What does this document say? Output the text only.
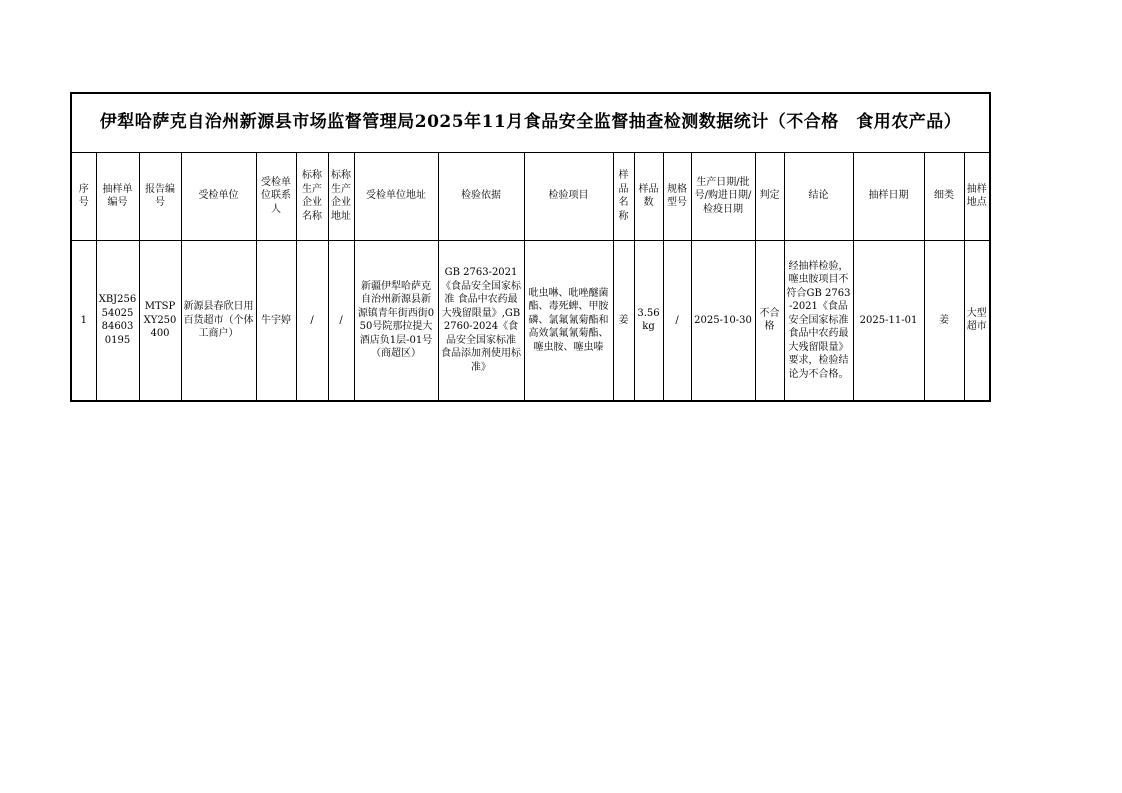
伊犁哈萨克自治州新源县市场监督管理局2025年11月食品安全监督抽查检测数据统计（不合格　食用农产品）																		
序号	抽样单编号	报告编号	受检单位	受检单位联系人	标称生产企业名称	标称生产企业地址	受检单位地址	检验依据	检验项目	样品名称	样品数	规格型号	生产日期/批号/购进日期/检疫日期	判定	结论	抽样日期	细类	抽样地点
1	XBJ25654025846030195	MTSPXY250400	新源县春欣日用百货超市（个体工商户）	牛宇婷	/	/	新疆伊犁哈萨克自治州新源县新源镇青年街西街050号院那拉提大酒店负1层-01号（商超区）	GB 2763-2021《食品安全国家标准 食品中农药最大残留限量》,GB 2760-2024《食品安全国家标准 食品添加剂使用标准》	吡虫啉、吡唑醚菌酯、毒死蜱、甲胺磷、氯氟氰菊酯和高效氯氟氰菊酯、噻虫胺、噻虫嗪	姜	3.56 kg	/	2025-10-30	不合格	经抽样检验，噻虫胺项目不符合GB 2763-2021《食品安全国家标准 食品中农药最大残留限量》要求，检验结论为不合格。	2025-11-01	姜	大型超市
